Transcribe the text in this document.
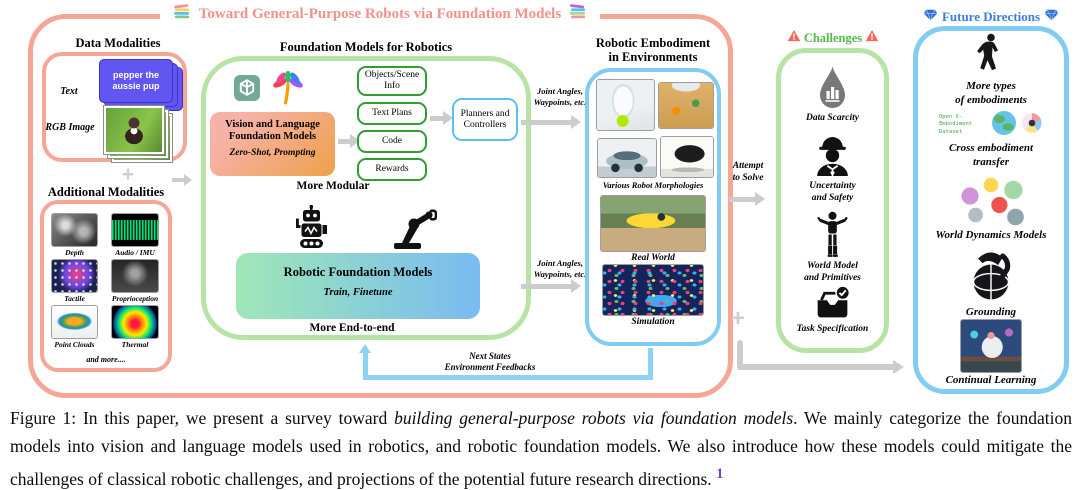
Toward General-Purpose Robots via Foundation Models
Data Modalities
Text
pepper the aussie pup
RGB Image
+
Additional Modalities
Depth	Audio / IMU
Tactile	Proprioception
Point Clouds	Thermal
and more....
Foundation Models for Robotics
Vision and Language Foundation Models
Zero-Shot, Prompting
Objects/Scene Info
Text Plans
Code
Rewards
Planners and Controllers
More Modular
Robotic Foundation Models
Train, Finetune
More End-to-end
Joint Angles,
Waypoints, etc.
Joint Angles,
Waypoints, etc.
Robotic Embodiment
in Environments
Various Robot Morphologies
Real World
Simulation
Attempt
to Solve
Challenges
Data Scarcity
Uncertainty
and Safety
World Model
and Primitives
Task Specification
+
Future Directions
More types
of embodiments
Open X-Embodiment Dataset
Cross embodiment
transfer
World Dynamics Models
Grounding
Continual Learning
Next States
Environment Feedbacks

Figure 1: In this paper, we present a survey toward building general-purpose robots via foundation models. We mainly categorize the foundation models into vision and language models used in robotics, and robotic foundation models. We also introduce how these models could mitigate the challenges of classical robotic challenges, and projections of the potential future research directions. $^1$
